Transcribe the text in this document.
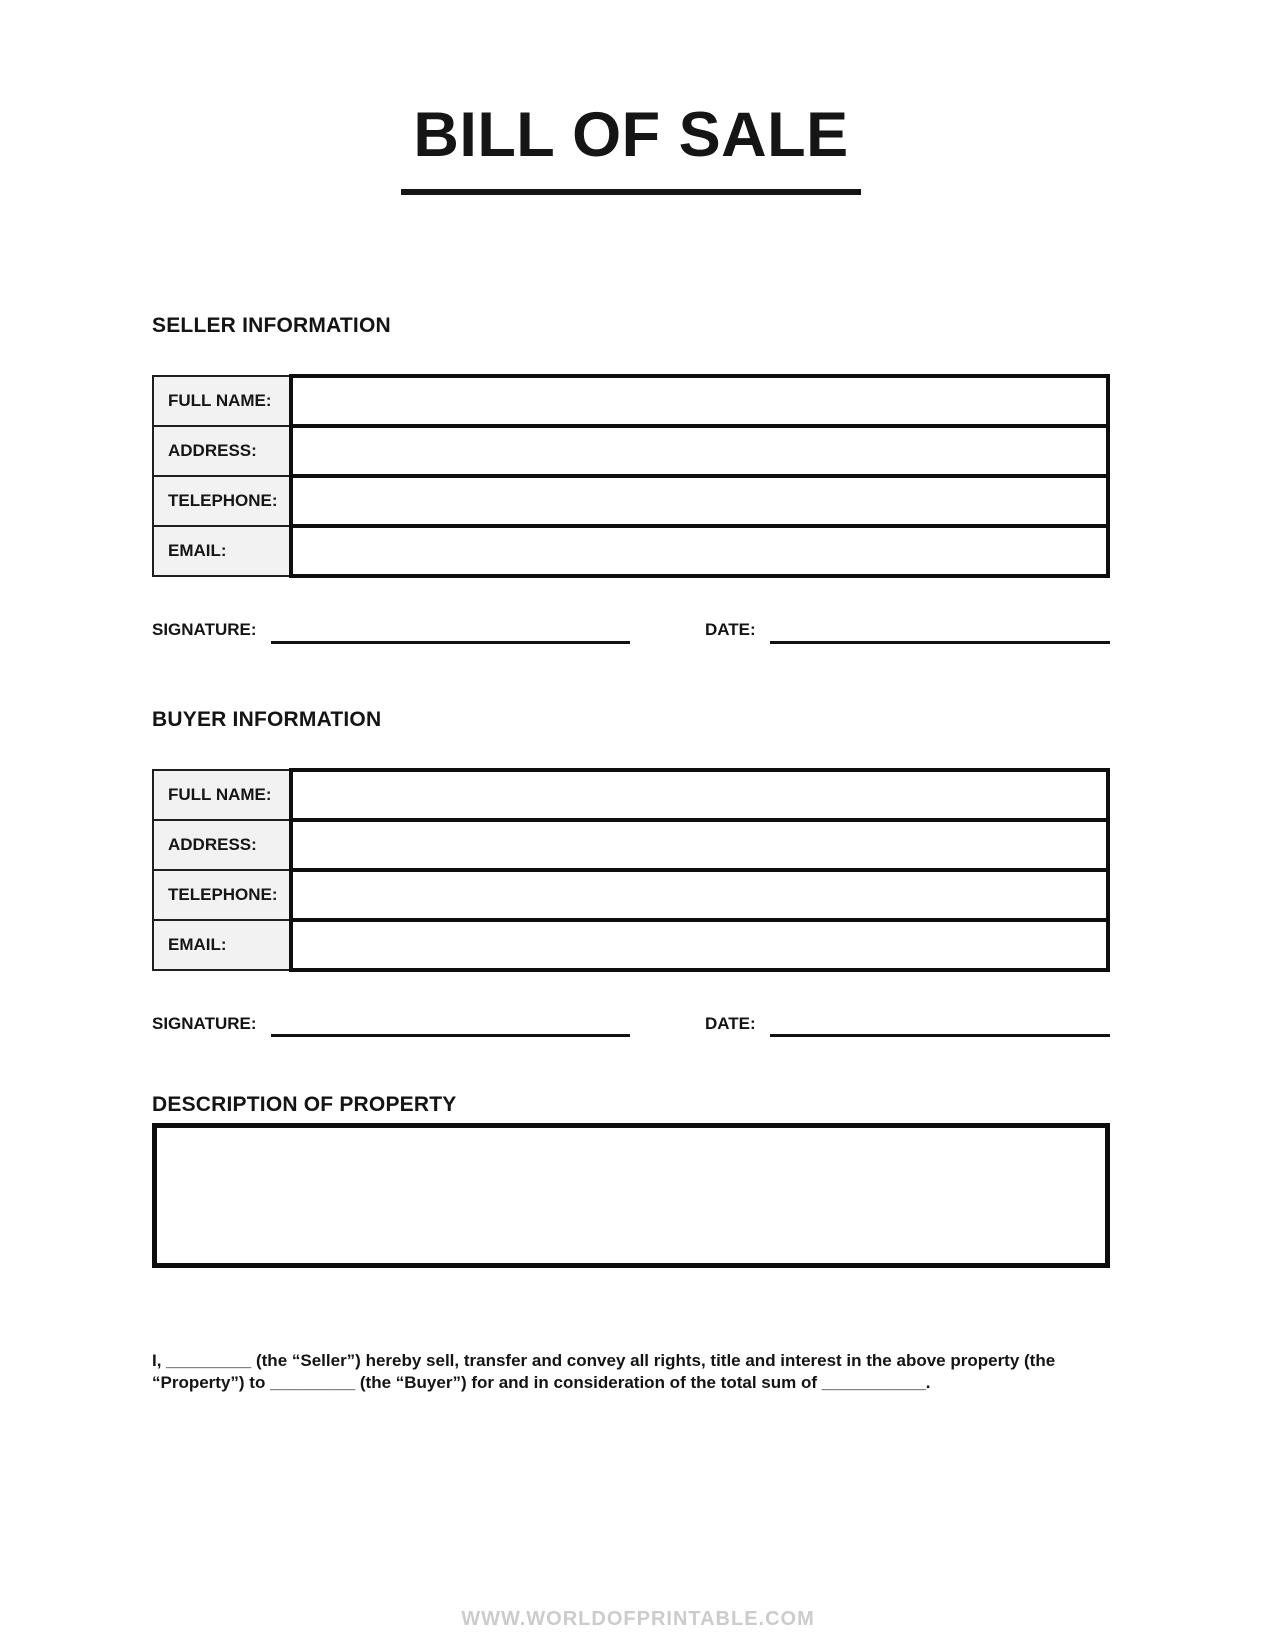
BILL OF SALE
SELLER INFORMATION
FULL NAME:	
ADDRESS:	
TELEPHONE:	
EMAIL:	
SIGNATURE:	DATE:
BUYER INFORMATION
FULL NAME:	
ADDRESS:	
TELEPHONE:	
EMAIL:	
SIGNATURE:	DATE:
DESCRIPTION OF PROPERTY
I, _________ (the “Seller”) hereby sell, transfer and convey all rights, title and interest in the above property (the “Property”) to _________ (the “Buyer”) for and in consideration of the total sum of ___________.
WWW.WORLDOFPRINTABLE.COM
